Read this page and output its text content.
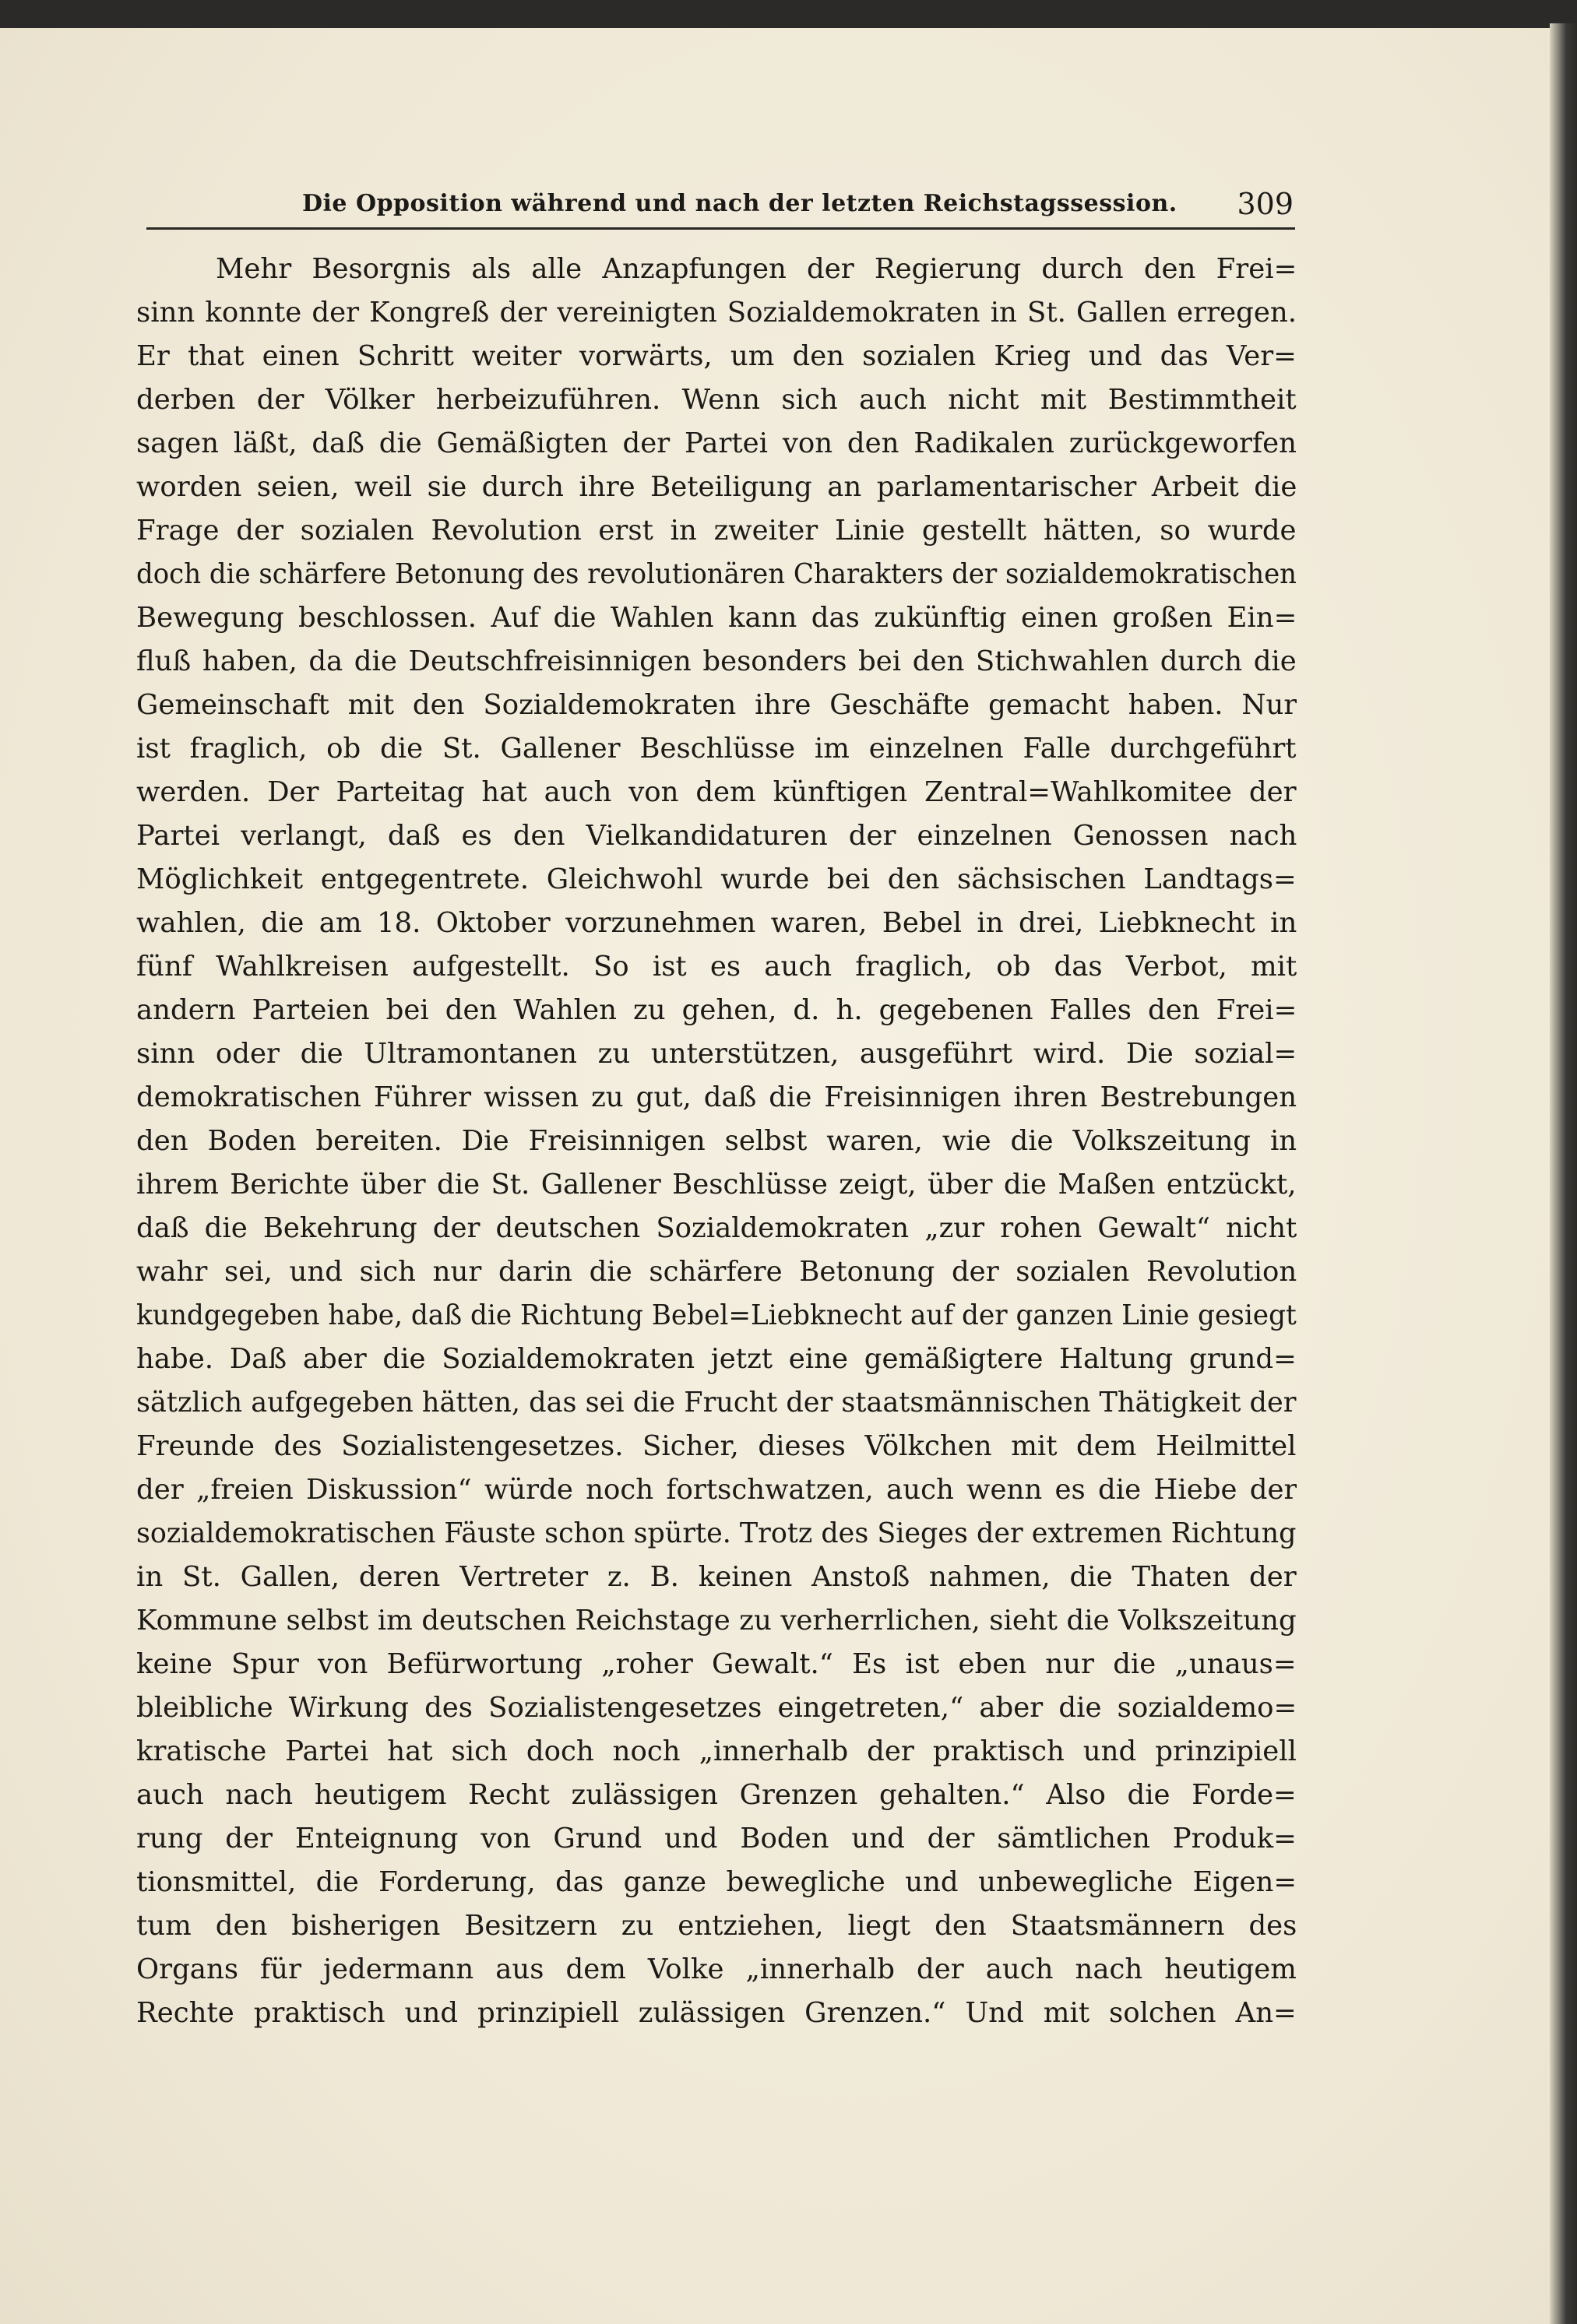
Die Opposition während und nach der letzten Reichstagssession. 309
Mehr Besorgnis als alle Anzapfungen der Regierung durch den Frei=
sinn konnte der Kongreß der vereinigten Sozialdemokraten in St. Gallen erregen.
Er that einen Schritt weiter vorwärts, um den sozialen Krieg und das Ver=
derben der Völker herbeizuführen. Wenn sich auch nicht mit Bestimmtheit
sagen läßt, daß die Gemäßigten der Partei von den Radikalen zurückgeworfen
worden seien, weil sie durch ihre Beteiligung an parlamentarischer Arbeit die
Frage der sozialen Revolution erst in zweiter Linie gestellt hätten, so wurde
doch die schärfere Betonung des revolutionären Charakters der sozialdemokratischen
Bewegung beschlossen. Auf die Wahlen kann das zukünftig einen großen Ein=
fluß haben, da die Deutschfreisinnigen besonders bei den Stichwahlen durch die
Gemeinschaft mit den Sozialdemokraten ihre Geschäfte gemacht haben. Nur
ist fraglich, ob die St. Gallener Beschlüsse im einzelnen Falle durchgeführt
werden. Der Parteitag hat auch von dem künftigen Zentral=Wahlkomitee der
Partei verlangt, daß es den Vielkandidaturen der einzelnen Genossen nach
Möglichkeit entgegentrete. Gleichwohl wurde bei den sächsischen Landtags=
wahlen, die am 18. Oktober vorzunehmen waren, Bebel in drei, Liebknecht in
fünf Wahlkreisen aufgestellt. So ist es auch fraglich, ob das Verbot, mit
andern Parteien bei den Wahlen zu gehen, d. h. gegebenen Falles den Frei=
sinn oder die Ultramontanen zu unterstützen, ausgeführt wird. Die sozial=
demokratischen Führer wissen zu gut, daß die Freisinnigen ihren Bestrebungen
den Boden bereiten. Die Freisinnigen selbst waren, wie die Volkszeitung in
ihrem Berichte über die St. Gallener Beschlüsse zeigt, über die Maßen entzückt,
daß die Bekehrung der deutschen Sozialdemokraten „zur rohen Gewalt“ nicht
wahr sei, und sich nur darin die schärfere Betonung der sozialen Revolution
kundgegeben habe, daß die Richtung Bebel=Liebknecht auf der ganzen Linie gesiegt
habe. Daß aber die Sozialdemokraten jetzt eine gemäßigtere Haltung grund=
sätzlich aufgegeben hätten, das sei die Frucht der staatsmännischen Thätigkeit der
Freunde des Sozialistengesetzes. Sicher, dieses Völkchen mit dem Heilmittel
der „freien Diskussion“ würde noch fortschwatzen, auch wenn es die Hiebe der
sozialdemokratischen Fäuste schon spürte. Trotz des Sieges der extremen Richtung
in St. Gallen, deren Vertreter z. B. keinen Anstoß nahmen, die Thaten der
Kommune selbst im deutschen Reichstage zu verherrlichen, sieht die Volkszeitung
keine Spur von Befürwortung „roher Gewalt.“ Es ist eben nur die „unaus=
bleibliche Wirkung des Sozialistengesetzes eingetreten,“ aber die sozialdemo=
kratische Partei hat sich doch noch „innerhalb der praktisch und prinzipiell
auch nach heutigem Recht zulässigen Grenzen gehalten.“ Also die Forde=
rung der Enteignung von Grund und Boden und der sämtlichen Produk=
tionsmittel, die Forderung, das ganze bewegliche und unbewegliche Eigen=
tum den bisherigen Besitzern zu entziehen, liegt den Staatsmännern des
Organs für jedermann aus dem Volke „innerhalb der auch nach heutigem
Rechte praktisch und prinzipiell zulässigen Grenzen.“ Und mit solchen An=
